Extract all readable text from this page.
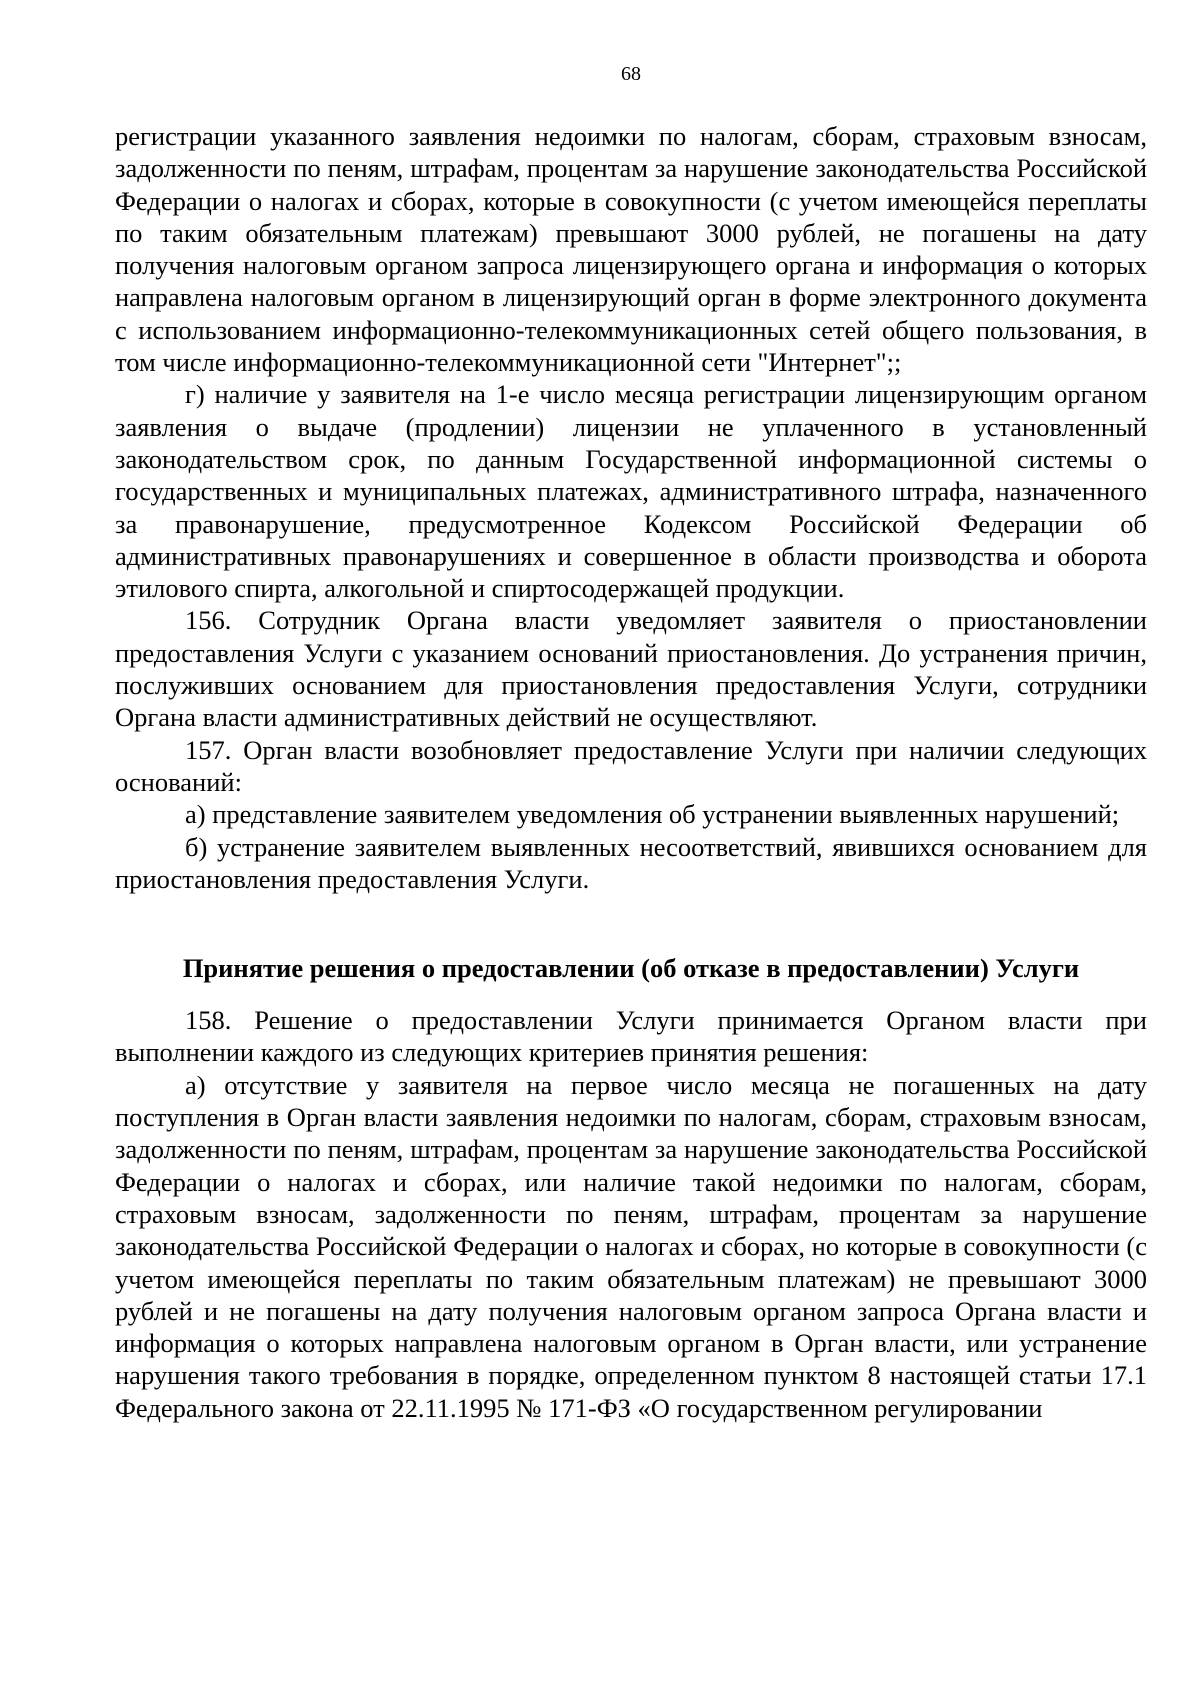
68

регистрации указанного заявления недоимки по налогам, сборам, страховым взносам, задолженности по пеням, штрафам, процентам за нарушение законодательства Российской Федерации о налогах и сборах, которые в совокупности (с учетом имеющейся переплаты по таким обязательным платежам) превышают 3000 рублей, не погашены на дату получения налоговым органом запроса лицензирующего органа и информация о которых направлена налоговым органом в лицензирующий орган в форме электронного документа с использованием информационно-телекоммуникационных сетей общего пользования, в том числе информационно-телекоммуникационной сети "Интернет";;

г) наличие у заявителя на 1-е число месяца регистрации лицензирующим органом заявления о выдаче (продлении) лицензии не уплаченного в установленный законодательством срок, по данным Государственной информационной системы о государственных и муниципальных платежах, административного штрафа, назначенного за правонарушение, предусмотренное Кодексом Российской Федерации об административных правонарушениях и совершенное в области производства и оборота этилового спирта, алкогольной и спиртосодержащей продукции.

156. Сотрудник Органа власти уведомляет заявителя о приостановлении предоставления Услуги с указанием оснований приостановления. До устранения причин, послуживших основанием для приостановления предоставления Услуги, сотрудники Органа власти административных действий не осуществляют.

157. Орган власти возобновляет предоставление Услуги при наличии следующих оснований:

а) представление заявителем уведомления об устранении выявленных нарушений;

б) устранение заявителем выявленных несоответствий, явившихся основанием для приостановления предоставления Услуги.

Принятие решения о предоставлении (об отказе в предоставлении) Услуги

158. Решение о предоставлении Услуги принимается Органом власти при выполнении каждого из следующих критериев принятия решения:

а) отсутствие у заявителя на первое число месяца не погашенных на дату поступления в Орган власти заявления недоимки по налогам, сборам, страховым взносам, задолженности по пеням, штрафам, процентам за нарушение законодательства Российской Федерации о налогах и сборах, или наличие такой недоимки по налогам, сборам, страховым взносам, задолженности по пеням, штрафам, процентам за нарушение законодательства Российской Федерации о налогах и сборах, но которые в совокупности (с учетом имеющейся переплаты по таким обязательным платежам) не превышают 3000 рублей и не погашены на дату получения налоговым органом запроса Органа власти и информация о которых направлена налоговым органом в Орган власти, или устранение нарушения такого требования в порядке, определенном пунктом 8 настоящей статьи 17.1 Федерального закона от 22.11.1995 № 171-ФЗ «О государственном регулировании
